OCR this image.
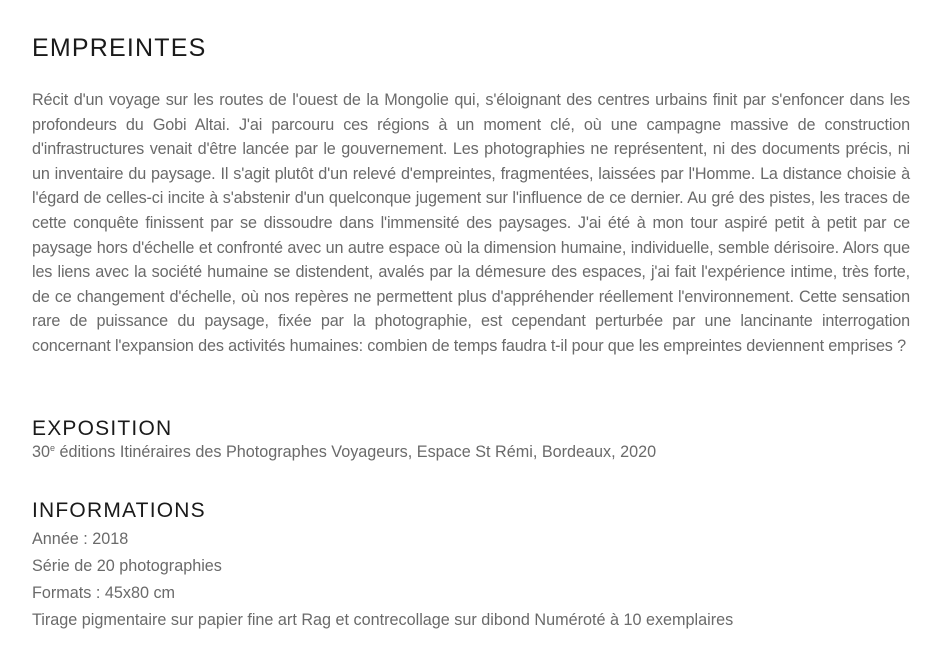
EMPREINTES

Récit d'un voyage sur les routes de l'ouest de la Mongolie qui, s'éloignant des centres urbains finit par s'enfoncer dans les profondeurs du Gobi Altai. J'ai parcouru ces régions à un moment clé, où une campagne massive de construction d'infrastructures venait d'être lancée par le gouvernement. Les photographies ne représentent, ni des documents précis, ni un inventaire du paysage. Il s'agit plutôt d'un relevé d'empreintes, fragmentées, laissées par l'Homme. La distance choisie à l'égard de celles-ci incite à s'abstenir d'un quelconque jugement sur l'influence de ce dernier. Au gré des pistes, les traces de cette conquête finissent par se dissoudre dans l'immensité des paysages. J'ai été à mon tour aspiré petit à petit par ce paysage hors d'échelle et confronté avec un autre espace où la dimension humaine, individuelle, semble dérisoire. Alors que les liens avec la société humaine se distendent, avalés par la démesure des espaces, j'ai fait l'expérience intime, très forte, de ce changement d'échelle, où nos repères ne permettent plus d'appréhender réellement l'environnement. Cette sensation rare de puissance du paysage, fixée par la photographie, est cependant perturbée par une lancinante interrogation concernant l'expansion des activités humaines: combien de temps faudra t-il pour que les empreintes deviennent emprises ?

EXPOSITION
30e éditions Itinéraires des Photographes Voyageurs, Espace St Rémi, Bordeaux, 2020
INFORMATIONS
Année : 2018
Série de 20 photographies
Formats : 45x80 cm
Tirage pigmentaire sur papier fine art Rag et contrecollage sur dibond Numéroté à 10 exemplaires
